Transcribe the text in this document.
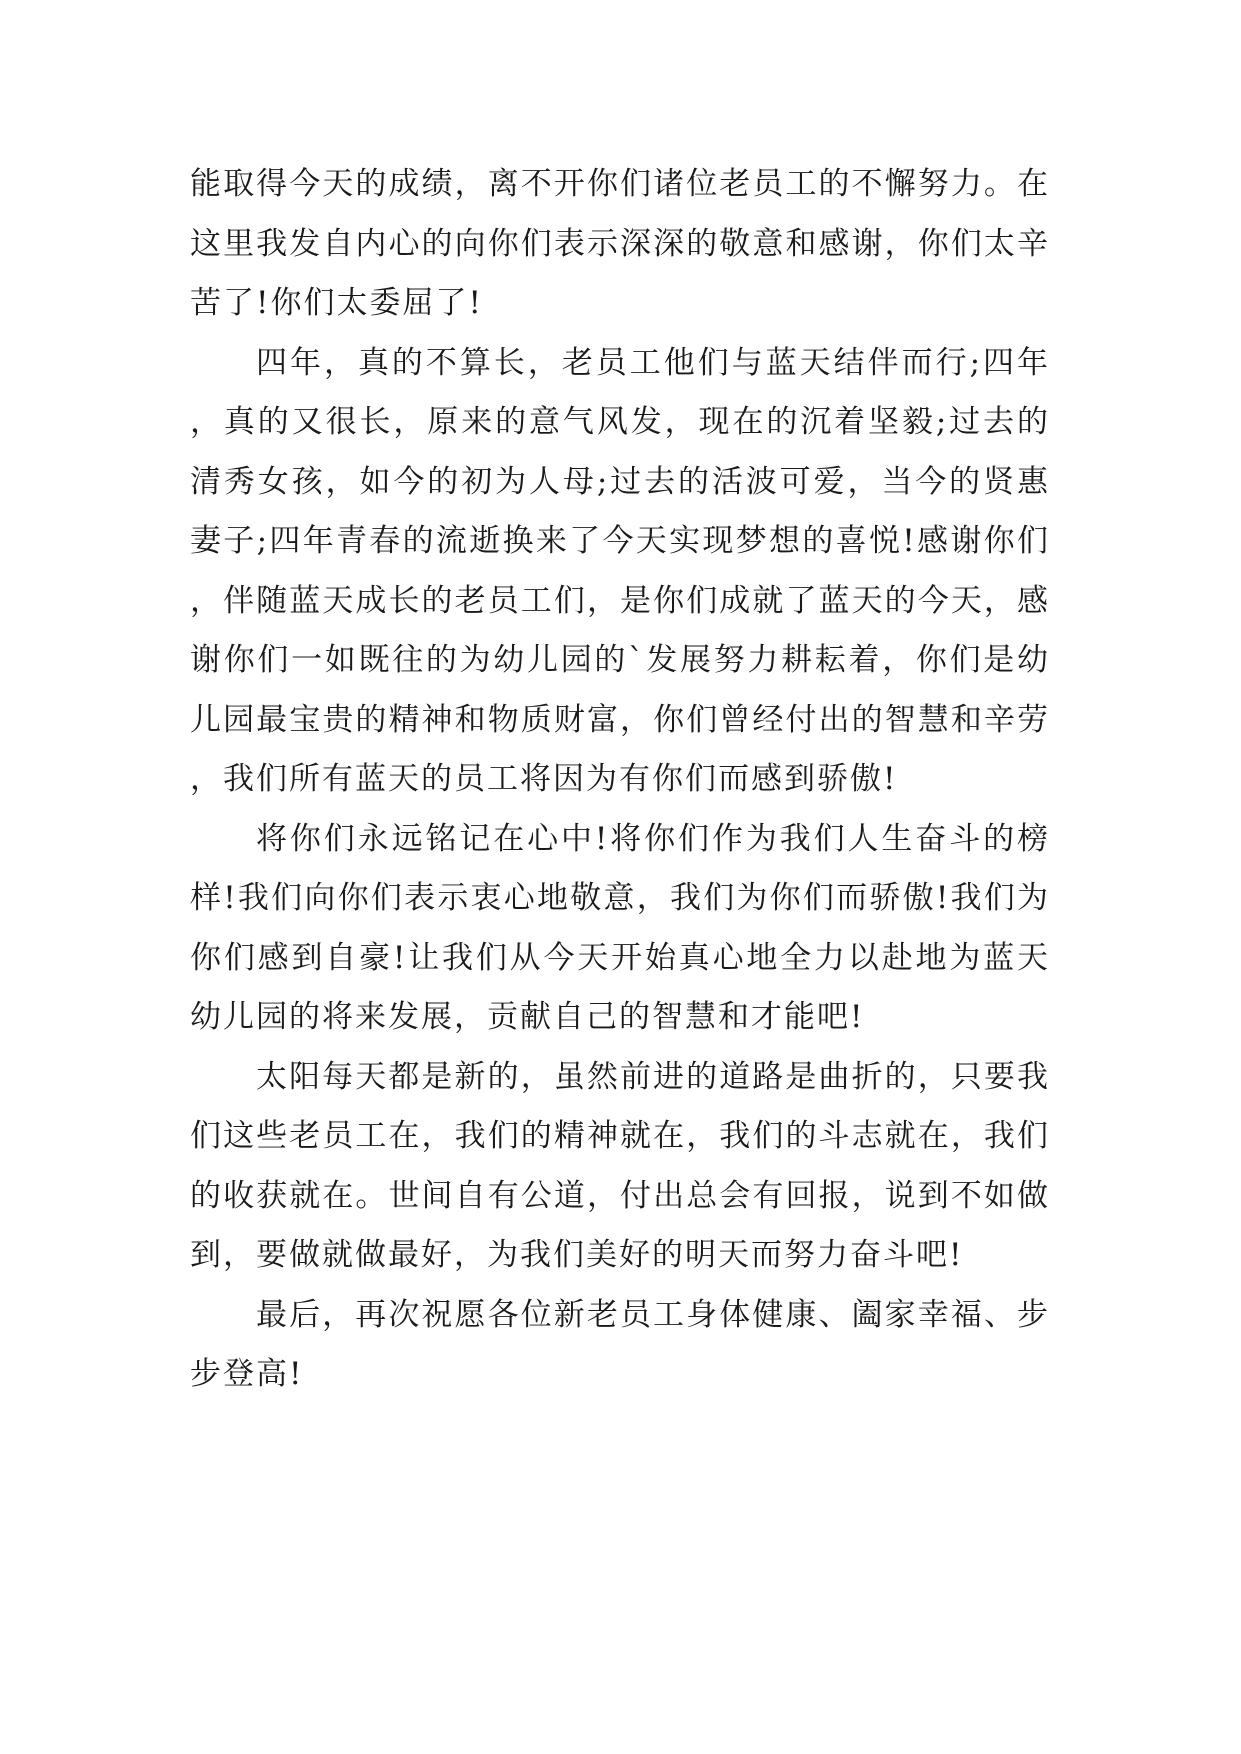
能取得今天的成绩，离不开你们诸位老员工的不懈努力。在这里我发自内心的向你们表示深深的敬意和感谢，你们太辛苦了!你们太委屈了!

四年，真的不算长，老员工他们与蓝天结伴而行;四年，真的又很长，原来的意气风发，现在的沉着坚毅;过去的清秀女孩，如今的初为人母;过去的活波可爱，当今的贤惠妻子;四年青春的流逝换来了今天实现梦想的喜悦!感谢你们，伴随蓝天成长的老员工们，是你们成就了蓝天的今天，感谢你们一如既往的为幼儿园的`发展努力耕耘着，你们是幼儿园最宝贵的精神和物质财富，你们曾经付出的智慧和辛劳，我们所有蓝天的员工将因为有你们而感到骄傲!

将你们永远铭记在心中!将你们作为我们人生奋斗的榜样!我们向你们表示衷心地敬意，我们为你们而骄傲!我们为你们感到自豪!让我们从今天开始真心地全力以赴地为蓝天幼儿园的将来发展，贡献自己的智慧和才能吧!

太阳每天都是新的，虽然前进的道路是曲折的，只要我们这些老员工在，我们的精神就在，我们的斗志就在，我们的收获就在。世间自有公道，付出总会有回报，说到不如做到，要做就做最好，为我们美好的明天而努力奋斗吧!

最后，再次祝愿各位新老员工身体健康、阖家幸福、步步登高!
